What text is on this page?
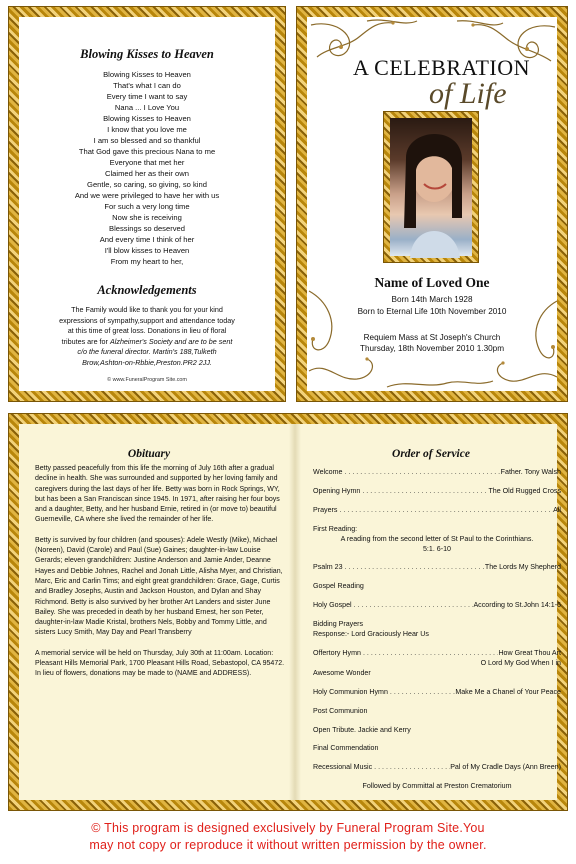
Blowing Kisses to Heaven
Blowing Kisses to Heaven
That's what I can do
Every time I want to say
Nana ... I Love You
Blowing Kisses to Heaven
I know that you love me
I am so blessed and so thankful
That God gave this precious Nana to me
Everyone that met her
Claimed her as their own
Gentle, so caring, so giving, so kind
And we were privileged to have her with us
For such a very long time
Now she is receiving
Blessings so deserved
And every time I think of her
I'll blow kisses to Heaven
From my heart to her,
Acknowledgements
The Family would like to thank you for your kind
expressions of sympathy,support and attendance today
at this time of great loss. Donations in lieu of floral
tributes are for Alzheimer's Society and are to be sent
c/o the funeral director. Martin's 188,Tulketh
Brow,Ashton-on-Rbbie,Preston.PR2 2JJ.
© www.FuneralProgram Site.com
A CELEBRATION
of Life
Name of Loved One
Born 14th March 1928
Born to Eternal Life 10th November 2010
Requiem Mass at St Joseph's Church
Thursday, 18th November 2010 1.30pm
Obituary

Betty passed peacefully from this life the morning of July 16th after a gradual decline in health. She was surrounded and supported by her loving family and caregivers during the last days of her life. Betty was born in Rock Springs, WY, but has been a San Franciscan since 1945. In 1971, after raising her four boys and a daughter, Betty, and her husband Ernie, retired in (or move to) beautiful Guerneville, CA where she lived the remainder of her life.

Betty is survived by four children (and spouses): Adele Westly (Mike), Michael (Noreen), David (Carole) and Paul (Sue) Gaines; daughter-in-law Louise Gerards; eleven grandchildren: Justine Anderson and Jamie Ander, Deanne Hayes and Debbie Johnes, Rachel and Jonah Little, Alisha Myer, and Christian, Marc, Eric and Carlin Tims; and eight great grandchildren: Grace, Gage, Curtis and Bradley Josephs, Austin and Jackson Houston, and Dylan and Shay Richmond. Betty is also survived by her brother Art Landers and sister June Bailey. She was preceded in death by her husband Ernest, her son Peter, daughter-in-law Madie Kristal, brothers Nels, Bobby and Tommy Little, and sisters Lucy Smith, May Day and Pearl Transberry

A memorial service will be held on Thursday, July 30th at 11:00am. Location: Pleasant Hills Memorial Park, 1700 Pleasant Hills Road, Sebastopol, CA 95472. In lieu of flowers, donations may be made to (NAME and ADDRESS).

Order of Service
Welcome . . .	Father. Tony Walsh
Opening Hymn . . .	The Old Rugged Cross
Prayers . . .	All
First Reading:
A reading from the second letter of St Paul to the Corinthians.
5:1. 6-10
Psalm 23 . . .	The Lords My Shepherd
Gospel Reading
Holy Gospel . . .	According to St.John 14:1-6
Bidding Prayers
Response:- Lord Graciously Hear Us
Offertory Hymn . . .	How Great Thou Art
O Lord My God When I in
Awesome Wonder
Holy Communion Hymn . . .	Make Me a Chanel of Your Peace
Post Communion
Open Tribute. Jackie and Kerry
Final Commendation
Recessional Music . . .	Pal of My Cradle Days (Ann Breen)
Followed by Committal at Preston Crematorium
© This program is designed exclusively by Funeral Program Site.You
may not copy or reproduce it without written permission by the owner.
